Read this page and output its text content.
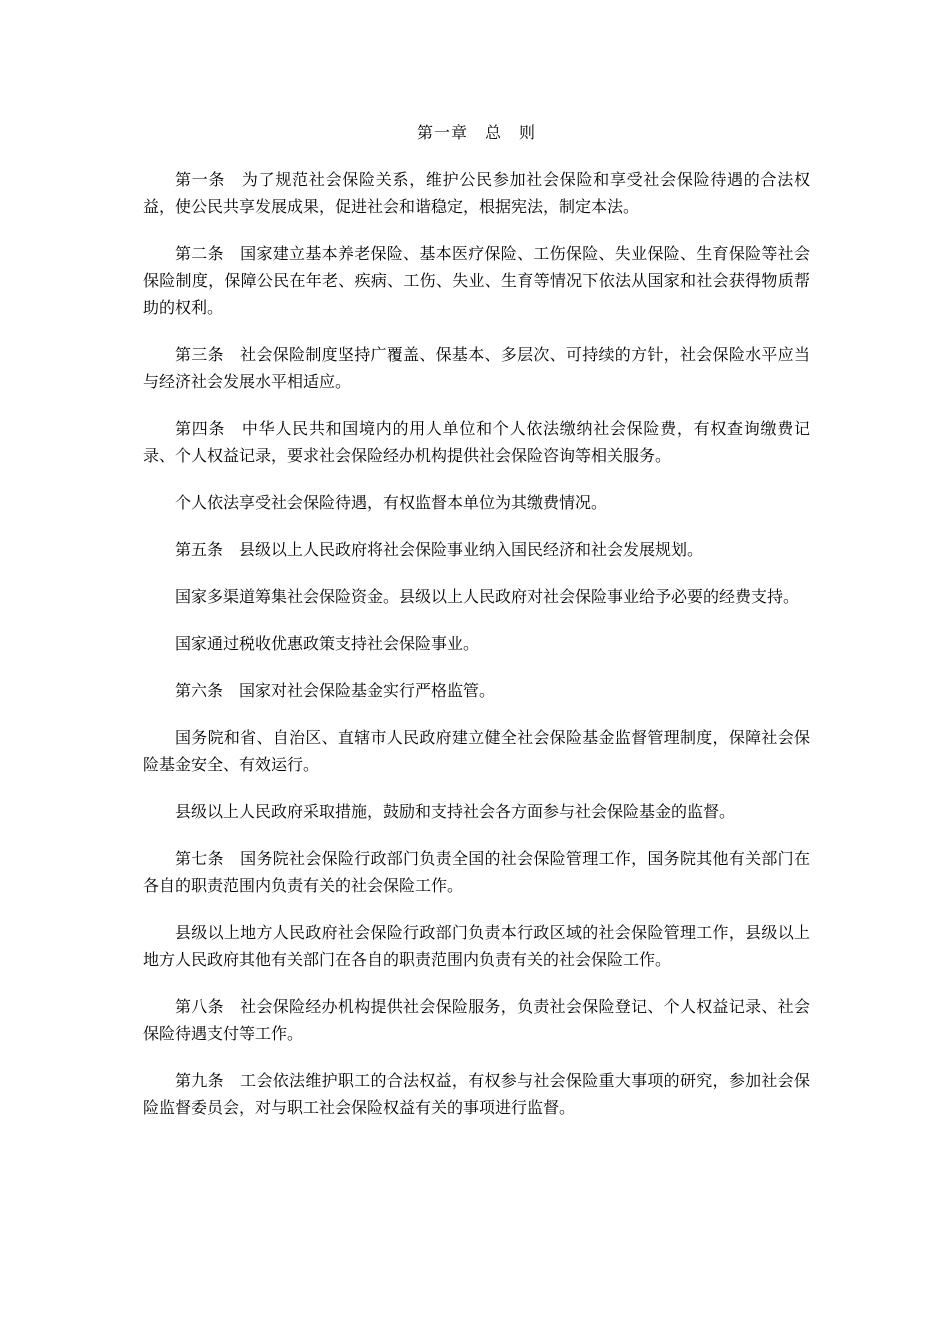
第一章　总　则

第一条　 为了规范社会保险关系，维护公民参加社会保险和享受社会保险待遇的合法权益，使公民共享发展成果，促进社会和谐稳定，根据宪法，制定本法。

第二条　 国家建立基本养老保险、基本医疗保险、工伤保险、失业保险、生育保险等社会保险制度，保障公民在年老、疾病、工伤、失业、生育等情况下依法从国家和社会获得物质帮助的权利。

第三条　 社会保险制度坚持广覆盖、保基本、多层次、可持续的方针，社会保险水平应当与经济社会发展水平相适应。

第四条　 中华人民共和国境内的用人单位和个人依法缴纳社会保险费，有权查询缴费记录、个人权益记录，要求社会保险经办机构提供社会保险咨询等相关服务。

个人依法享受社会保险待遇，有权监督本单位为其缴费情况。

第五条　 县级以上人民政府将社会保险事业纳入国民经济和社会发展规划。

国家多渠道筹集社会保险资金。县级以上人民政府对社会保险事业给予必要的经费支持。

国家通过税收优惠政策支持社会保险事业。

第六条　 国家对社会保险基金实行严格监管。

国务院和省、自治区、直辖市人民政府建立健全社会保险基金监督管理制度，保障社会保险基金安全、有效运行。

县级以上人民政府采取措施，鼓励和支持社会各方面参与社会保险基金的监督。

第七条　 国务院社会保险行政部门负责全国的社会保险管理工作，国务院其他有关部门在各自的职责范围内负责有关的社会保险工作。

县级以上地方人民政府社会保险行政部门负责本行政区域的社会保险管理工作，县级以上地方人民政府其他有关部门在各自的职责范围内负责有关的社会保险工作。

第八条　 社会保险经办机构提供社会保险服务，负责社会保险登记、个人权益记录、社会保险待遇支付等工作。

第九条　 工会依法维护职工的合法权益，有权参与社会保险重大事项的研究，参加社会保险监督委员会，对与职工社会保险权益有关的事项进行监督。
